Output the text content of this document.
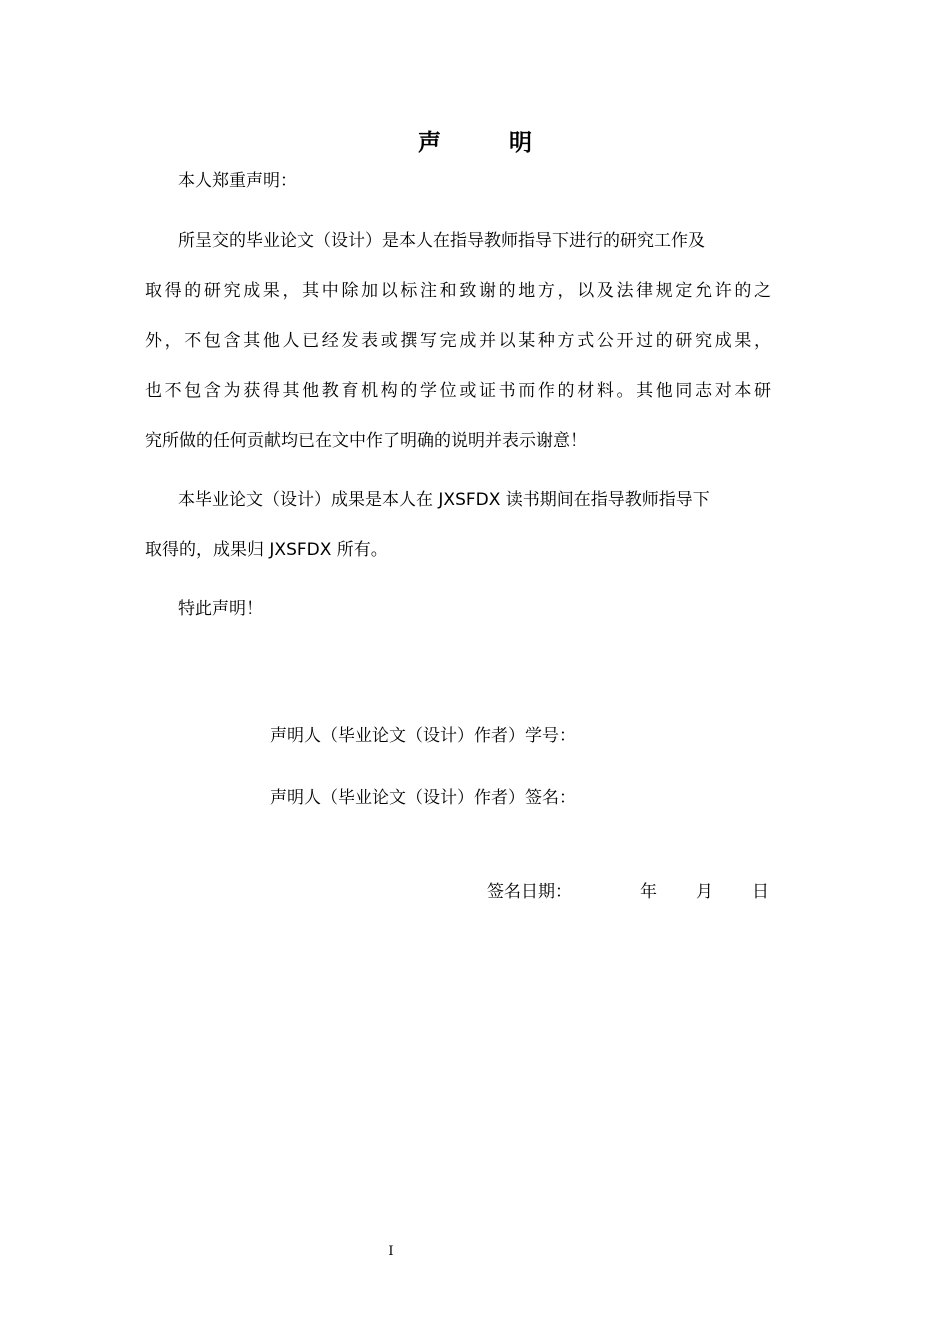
声	明
本人郑重声明：
所呈交的毕业论文（设计）是本人在指导教师指导下进行的研究工作及
取得的研究成果，其中除加以标注和致谢的地方，以及法律规定允许的之
外，不包含其他人已经发表或撰写完成并以某种方式公开过的研究成果，
也不包含为获得其他教育机构的学位或证书而作的材料。其他同志对本研
究所做的任何贡献均已在文中作了明确的说明并表示谢意！
本毕业论文（设计）成果是本人在 JXSFDX 读书期间在指导教师指导下
取得的，成果归 JXSFDX 所有。
特此声明！
声明人（毕业论文（设计）作者）学号：
声明人（毕业论文（设计）作者）签名：
签名日期：	年 月 日
I
